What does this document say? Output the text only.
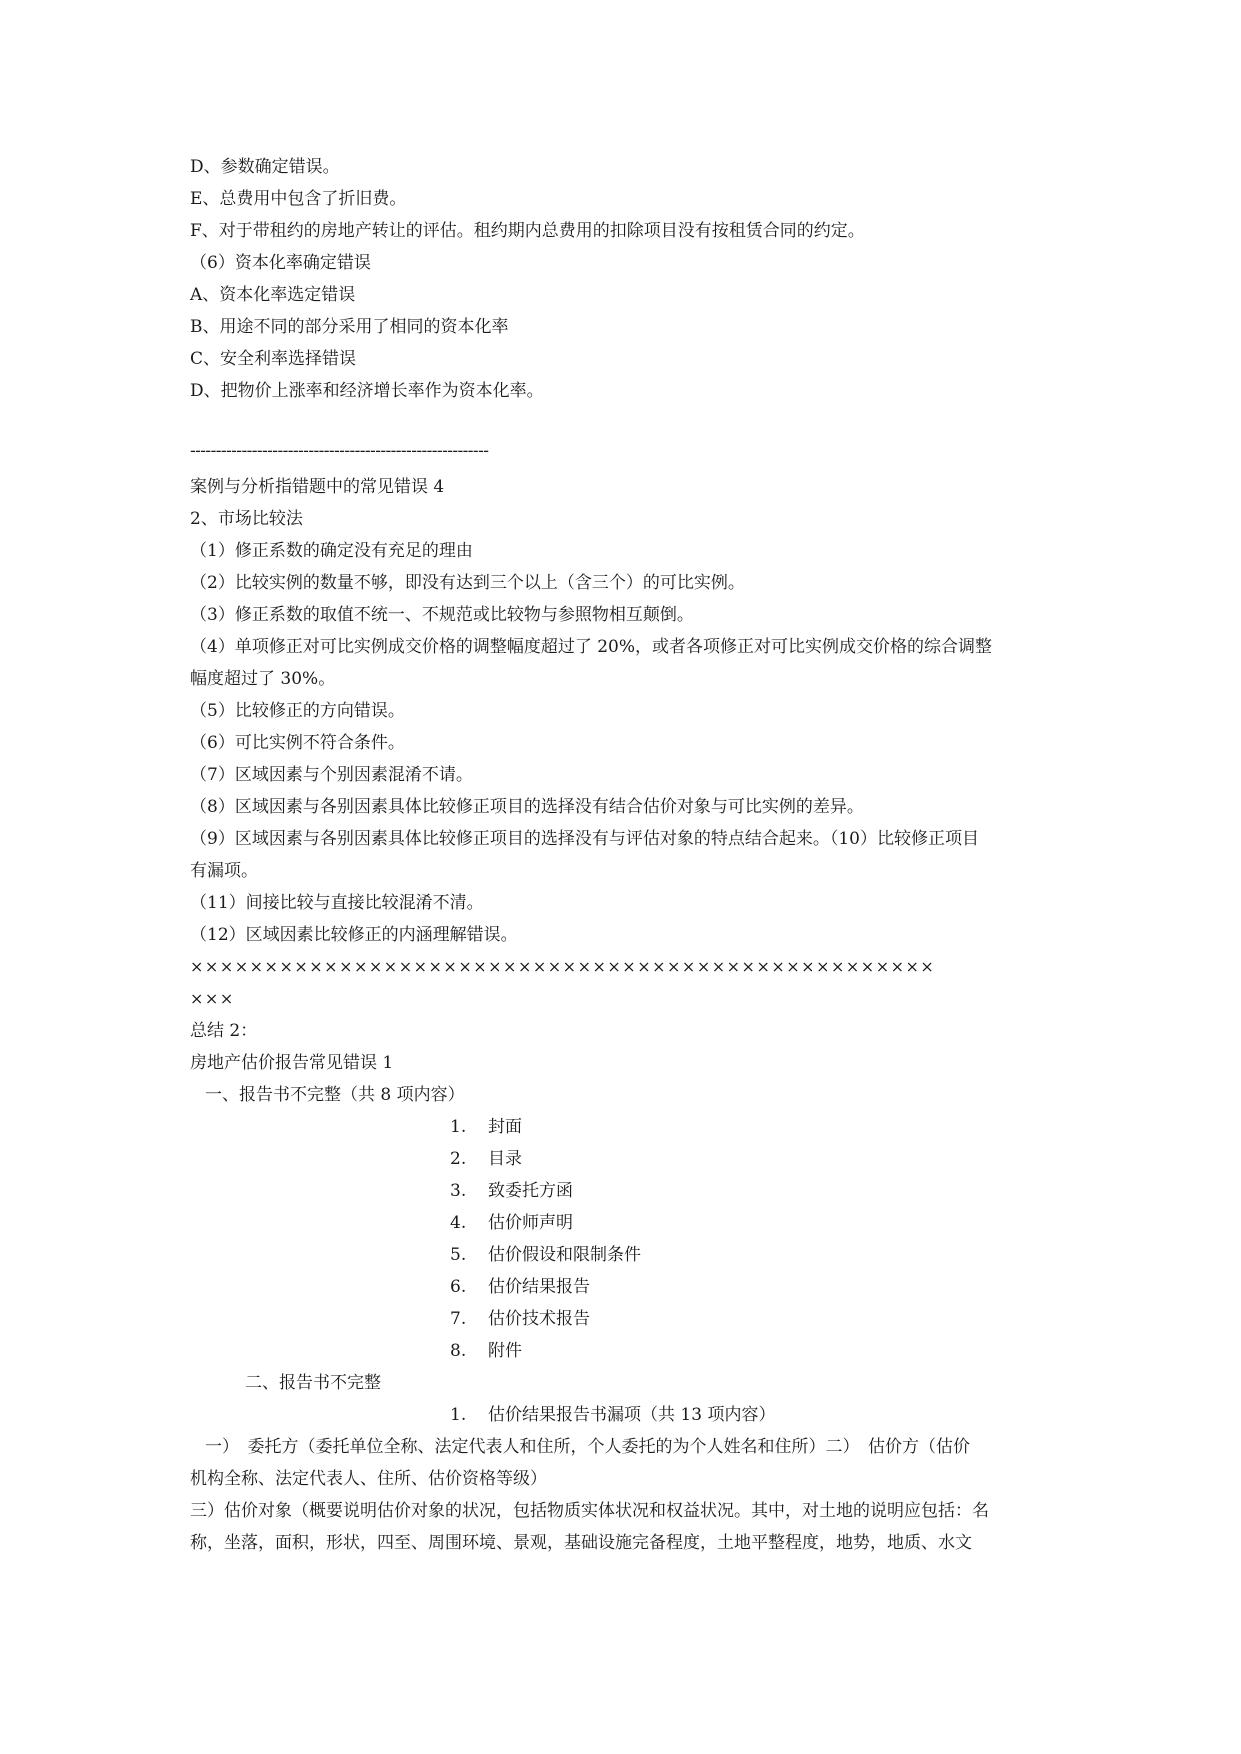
D、参数确定错误。
E、总费用中包含了折旧费。
F、对于带租约的房地产转让的评估。租约期内总费用的扣除项目没有按租赁合同的约定。
（6）资本化率确定错误
A、资本化率选定错误
B、用途不同的部分采用了相同的资本化率
C、安全利率选择错误
D、把物价上涨率和经济增长率作为资本化率。
----------------------------------------------------------
案例与分析指错题中的常见错误 4
2、市场比较法
（1）修正系数的确定没有充足的理由
（2）比较实例的数量不够，即没有达到三个以上（含三个）的可比实例。
（3）修正系数的取值不统一、不规范或比较物与参照物相互颠倒。
（4）单项修正对可比实例成交价格的调整幅度超过了 20%，或者各项修正对可比实例成交价格的综合调整
幅度超过了 30%。
（5）比较修正的方向错误。
（6）可比实例不符合条件。
（7）区域因素与个别因素混淆不请。
（8）区域因素与各别因素具体比较修正项目的选择没有结合估价对象与可比实例的差异。
（9）区域因素与各别因素具体比较修正项目的选择没有与评估对象的特点结合起来。（10）比较修正项目
有漏项。
（11）间接比较与直接比较混淆不清。
（12）区域因素比较修正的内涵理解错误。
××××××××××××××××××××××××××××××××××××××××××××××××××
×××
总结 2：
房地产估价报告常见错误 1
一、报告书不完整（共 8 项内容）
1. 封面
2. 目录
3. 致委托方函
4. 估价师声明
5. 估价假设和限制条件
6. 估价结果报告
7. 估价技术报告
8. 附件
二、报告书不完整
1. 估价结果报告书漏项（共 13 项内容）
一）　委托方（委托单位全称、法定代表人和住所，个人委托的为个人姓名和住所）二）　估价方（估价
机构全称、法定代表人、住所、估价资格等级）
三）估价对象（概要说明估价对象的状况，包括物质实体状况和权益状况。其中，对土地的说明应包括：名
称，坐落，面积，形状，四至、周围环境、景观，基础设施完备程度，土地平整程度，地势，地质、水文
